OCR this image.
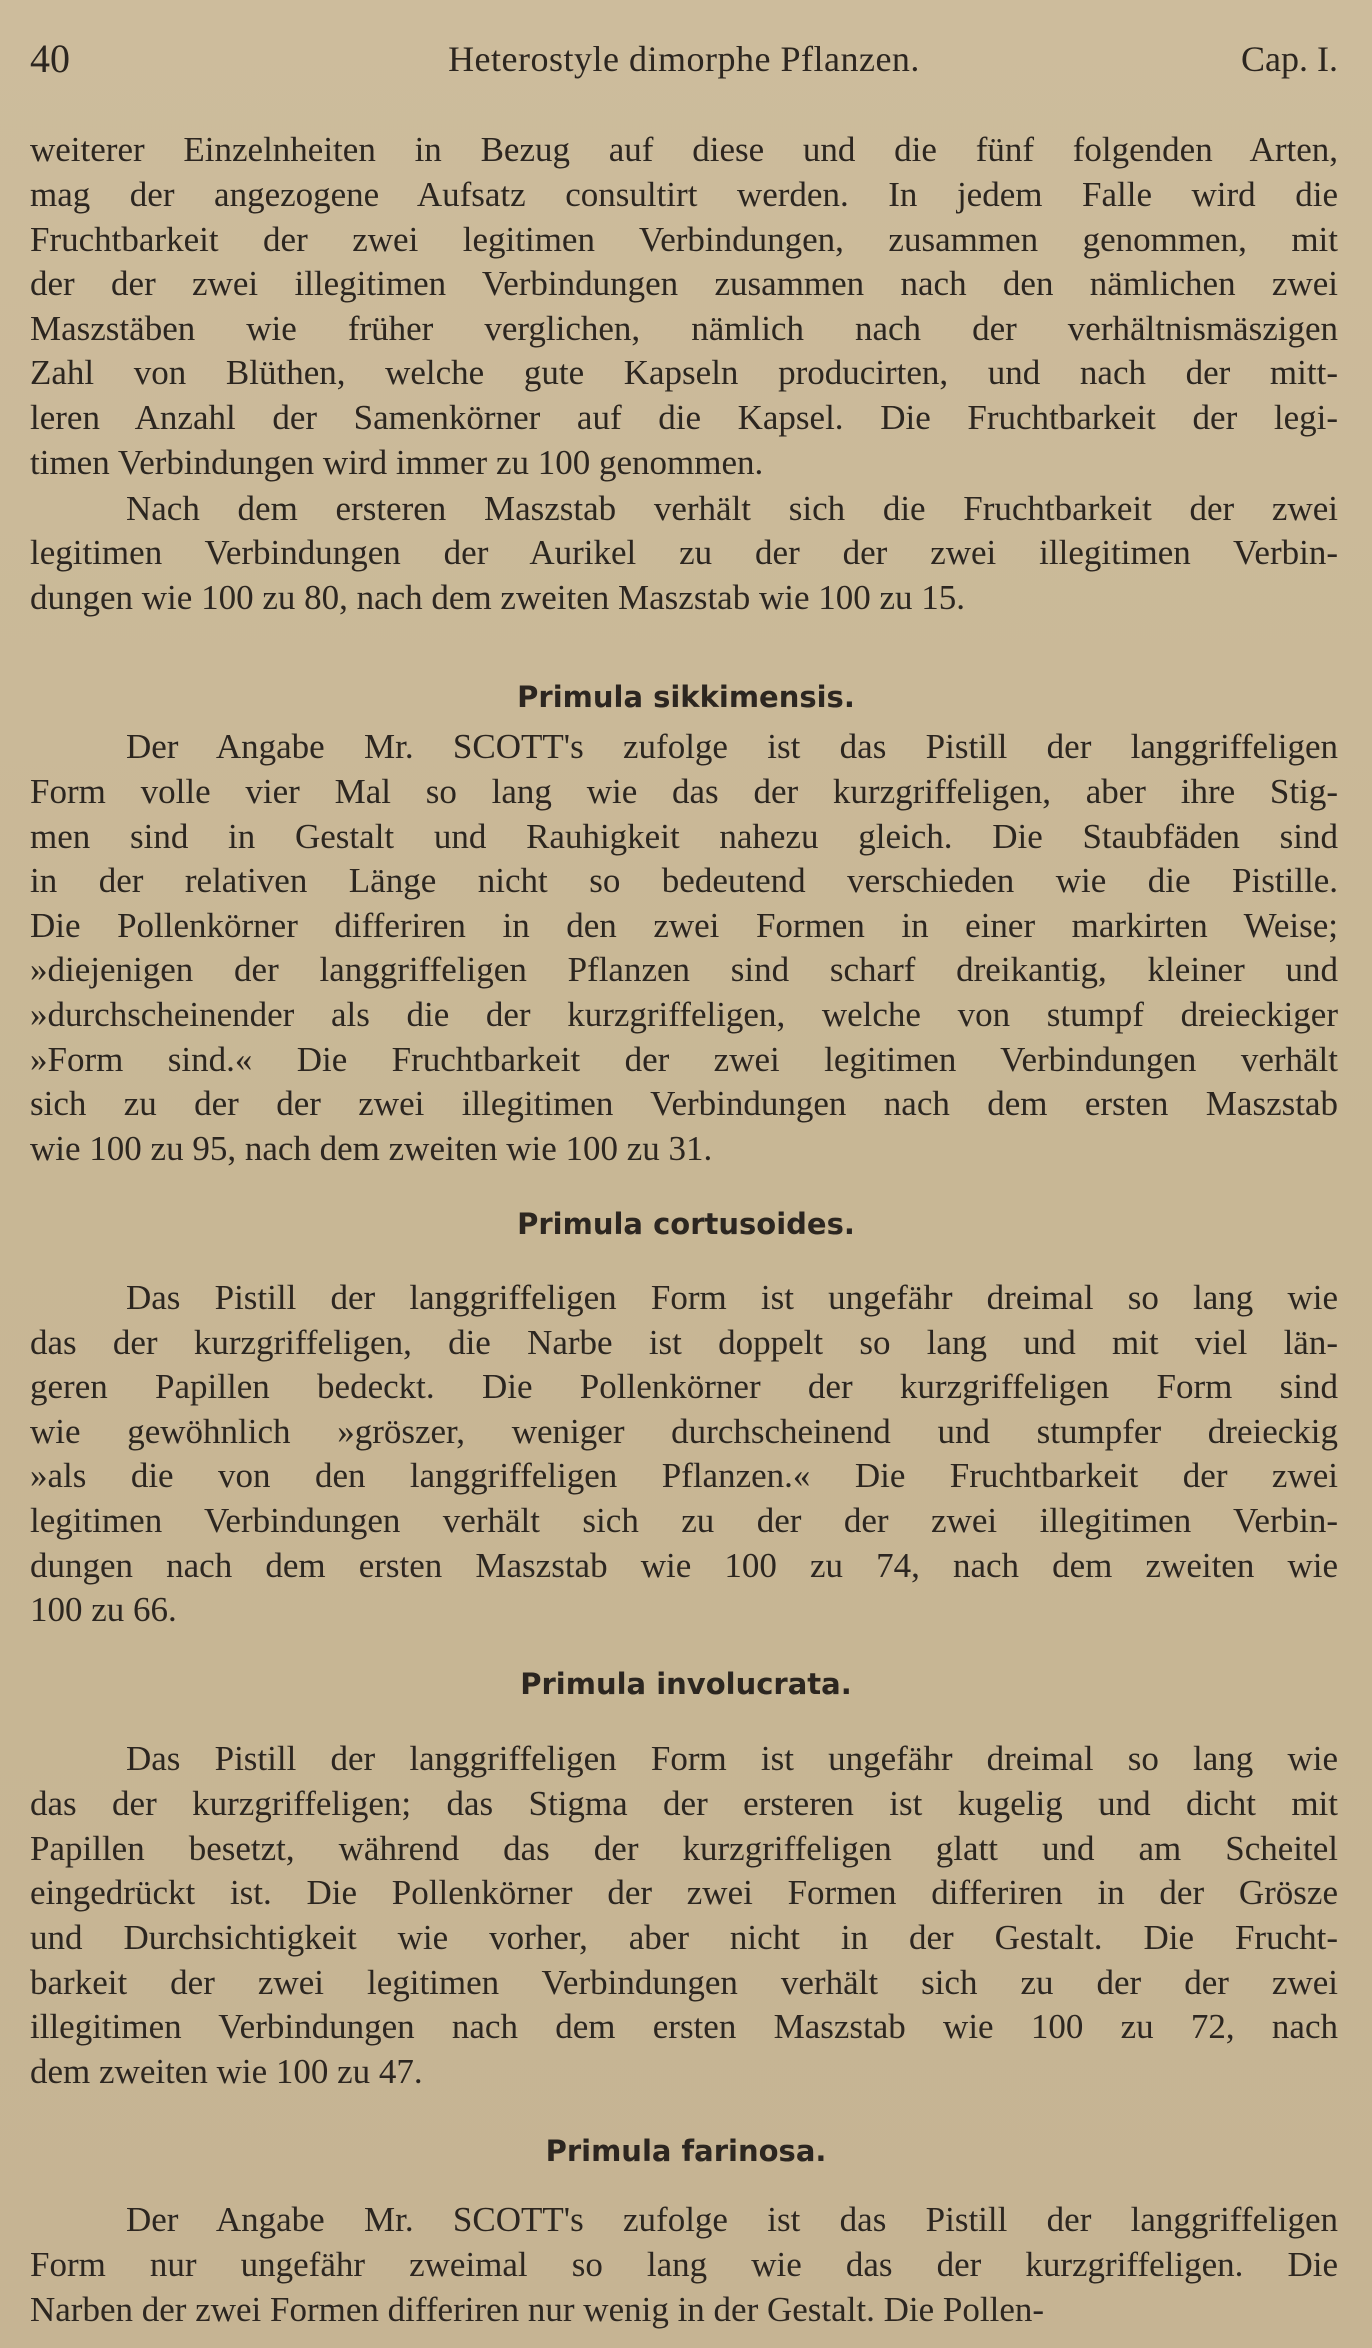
40	Heterostyle dimorphe Pflanzen.	Cap. I.
weiterer Einzelnheiten in Bezug auf diese und die fünf folgenden Arten,
mag der angezogene Aufsatz consultirt werden. In jedem Falle wird die
Fruchtbarkeit der zwei legitimen Verbindungen, zusammen genommen, mit
der der zwei illegitimen Verbindungen zusammen nach den nämlichen zwei
Maszstäben wie früher verglichen, nämlich nach der verhältnismäszigen
Zahl von Blüthen, welche gute Kapseln producirten, und nach der mitt-
leren Anzahl der Samenkörner auf die Kapsel. Die Fruchtbarkeit der legi-
timen Verbindungen wird immer zu 100 genommen.
Nach dem ersteren Maszstab verhält sich die Fruchtbarkeit der zwei
legitimen Verbindungen der Aurikel zu der der zwei illegitimen Verbin-
dungen wie 100 zu 80, nach dem zweiten Maszstab wie 100 zu 15.
Primula sikkimensis.
Der Angabe Mr. SCOTT's zufolge ist das Pistill der langgriffeligen
Form volle vier Mal so lang wie das der kurzgriffeligen, aber ihre Stig-
men sind in Gestalt und Rauhigkeit nahezu gleich. Die Staubfäden sind
in der relativen Länge nicht so bedeutend verschieden wie die Pistille.
Die Pollenkörner differiren in den zwei Formen in einer markirten Weise;
»diejenigen der langgriffeligen Pflanzen sind scharf dreikantig, kleiner und
»durchscheinender als die der kurzgriffeligen, welche von stumpf dreieckiger
»Form sind.« Die Fruchtbarkeit der zwei legitimen Verbindungen verhält
sich zu der der zwei illegitimen Verbindungen nach dem ersten Maszstab
wie 100 zu 95, nach dem zweiten wie 100 zu 31.
Primula cortusoides.
Das Pistill der langgriffeligen Form ist ungefähr dreimal so lang wie
das der kurzgriffeligen, die Narbe ist doppelt so lang und mit viel län-
geren Papillen bedeckt. Die Pollenkörner der kurzgriffeligen Form sind
wie gewöhnlich »gröszer, weniger durchscheinend und stumpfer dreieckig
»als die von den langgriffeligen Pflanzen.« Die Fruchtbarkeit der zwei
legitimen Verbindungen verhält sich zu der der zwei illegitimen Verbin-
dungen nach dem ersten Maszstab wie 100 zu 74, nach dem zweiten wie
100 zu 66.
Primula involucrata.
Das Pistill der langgriffeligen Form ist ungefähr dreimal so lang wie
das der kurzgriffeligen; das Stigma der ersteren ist kugelig und dicht mit
Papillen besetzt, während das der kurzgriffeligen glatt und am Scheitel
eingedrückt ist. Die Pollenkörner der zwei Formen differiren in der Grösze
und Durchsichtigkeit wie vorher, aber nicht in der Gestalt. Die Frucht-
barkeit der zwei legitimen Verbindungen verhält sich zu der der zwei
illegitimen Verbindungen nach dem ersten Maszstab wie 100 zu 72, nach
dem zweiten wie 100 zu 47.
Primula farinosa.
Der Angabe Mr. SCOTT's zufolge ist das Pistill der langgriffeligen
Form nur ungefähr zweimal so lang wie das der kurzgriffeligen. Die
Narben der zwei Formen differiren nur wenig in der Gestalt. Die Pollen-
